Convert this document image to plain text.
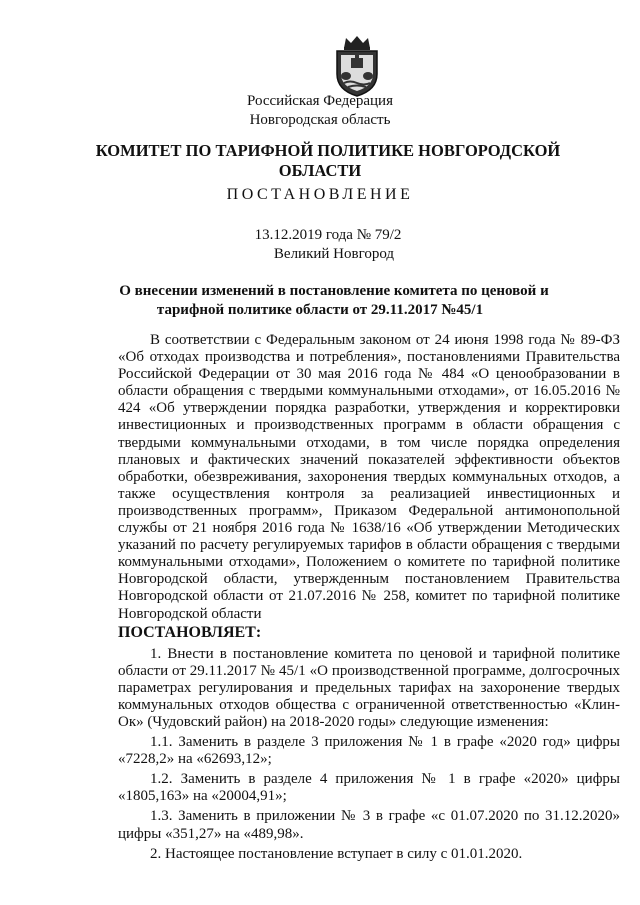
Российская Федерация
Новгородская область
КОМИТЕТ ПО ТАРИФНОЙ ПОЛИТИКЕ НОВГОРОДСКОЙ
ОБЛАСТИ
ПОСТАНОВЛЕНИЕ
13.12.2019 года № 79/2
Великий Новгород
О внесении изменений в постановление комитета по ценовой и
тарифной политике области от 29.11.2017 №45/1

В соответствии с Федеральным законом от 24 июня 1998 года № 89-ФЗ «Об отходах производства и потребления», постановлениями Правительства Российской Федерации от 30 мая 2016 года № 484 «О ценообразовании в области обращения с твердыми коммунальными отходами», от 16.05.2016 № 424 «Об утверждении порядка разработки, утверждения и корректировки инвестиционных и производственных программ в области обращения с твердыми коммунальными отходами, в том числе порядка определения плановых и фактических значений показателей эффективности объектов обработки, обезвреживания, захоронения твердых коммунальных отходов, а также осуществления контроля за реализацией инвестиционных и производственных программ», Приказом Федеральной антимонопольной службы от 21 ноября 2016 года № 1638/16 «Об утверждении Методических указаний по расчету регулируемых тарифов в области обращения с твердыми коммунальными отходами», Положением о комитете по тарифной политике Новгородской области, утвержденным постановлением Правительства Новгородской области от 21.07.2016 № 258, комитет по тарифной политике Новгородской области

ПОСТАНОВЛЯЕТ:

1. Внести в постановление комитета по ценовой и тарифной политике области от 29.11.2017 № 45/1 «О производственной программе, долгосрочных параметрах регулирования и предельных тарифах на захоронение твердых коммунальных отходов общества с ограниченной ответственностью «Клин-Ок» (Чудовский район) на 2018-2020 годы» следующие изменения:

1.1. Заменить в разделе 3 приложения № 1 в графе «2020 год» цифры «7228,2» на «62693,12»;

1.2. Заменить в разделе 4 приложения № 1 в графе «2020» цифры «1805,163» на «20004,91»;

1.3. Заменить в приложении № 3 в графе «с 01.07.2020 по 31.12.2020» цифры «351,27» на «489,98».

2. Настоящее постановление вступает в силу с 01.01.2020.
